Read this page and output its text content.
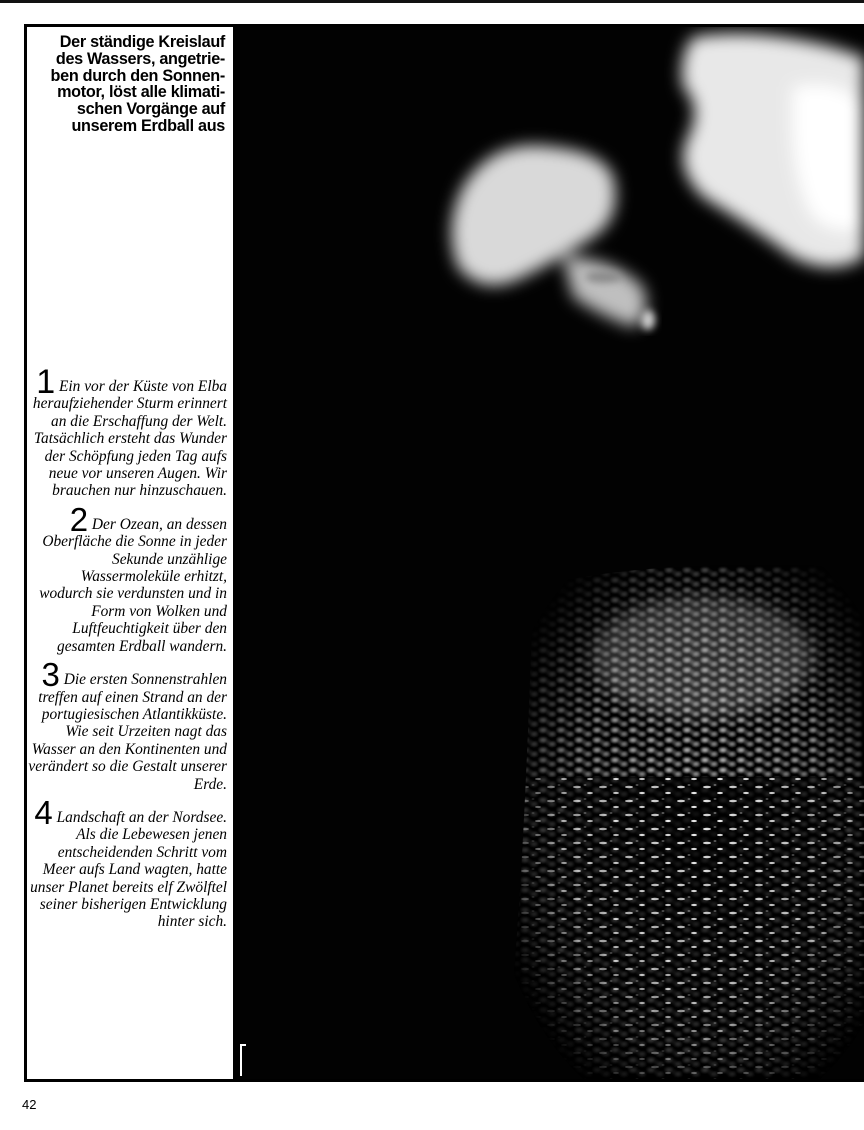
Der ständige Kreislauf
des Wassers, angetrie-
ben durch den Sonnen-
motor, löst alle klimati-
schen Vorgänge auf
unserem Erdball aus

1 Ein vor der Küste von Elba heraufziehender Sturm erinnert an die Erschaffung der Welt. Tatsächlich ersteht das Wunder der Schöpfung jeden Tag aufs neue vor unseren Augen. Wir brauchen nur hinzuschauen.

2 Der Ozean, an dessen Oberfläche die Sonne in jeder Sekunde unzählige Wassermoleküle erhitzt, wodurch sie verdunsten und in Form von Wolken und Luftfeuchtigkeit über den gesamten Erdball wandern.

3 Die ersten Sonnenstrahlen treffen auf einen Strand an der portugiesischen Atlantikküste. Wie seit Urzeiten nagt das Wasser an den Kontinenten und verändert so die Gestalt unserer Erde.

4 Landschaft an der Nordsee. Als die Lebewesen jenen entscheidenden Schritt vom Meer aufs Land wagten, hatte unser Planet bereits elf Zwölftel seiner bisherigen Entwicklung hinter sich.

42
